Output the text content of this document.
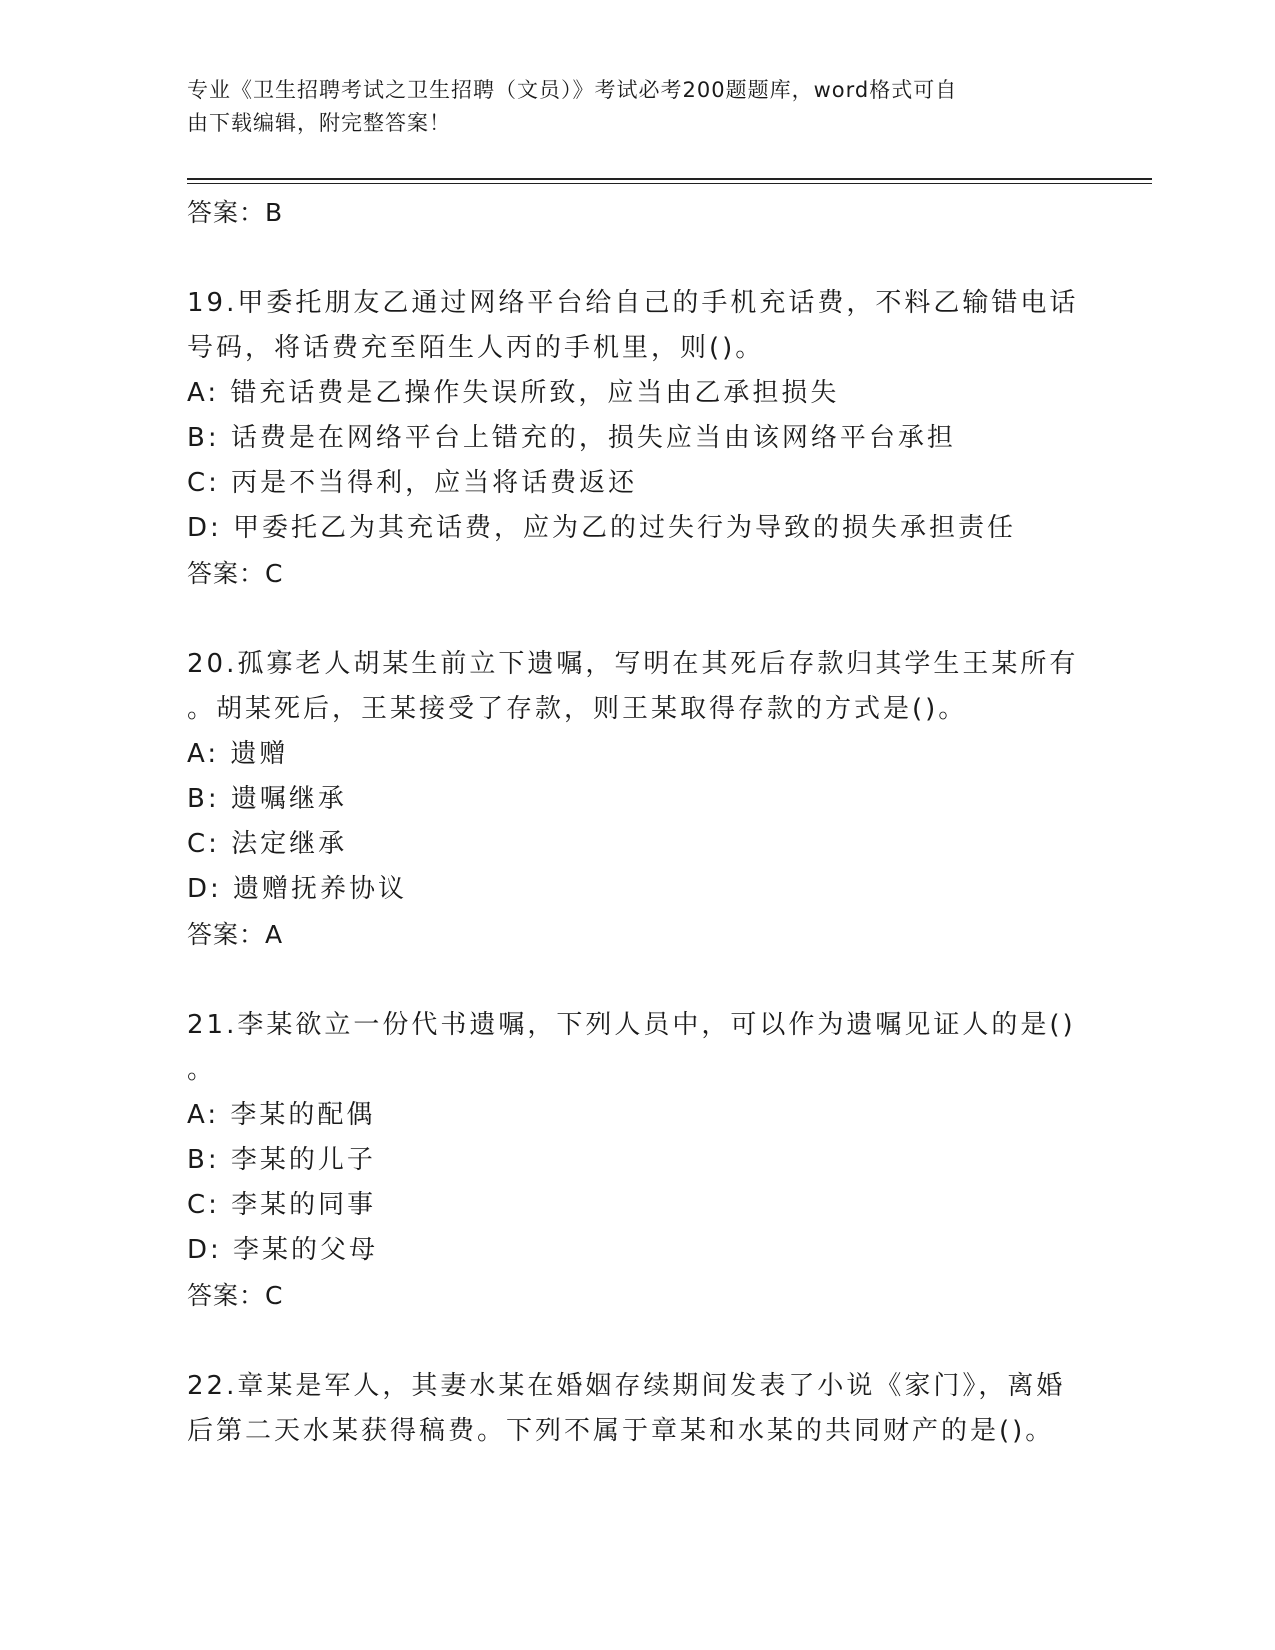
专业《卫生招聘考试之卫生招聘（文员）》考试必考200题题库，word格式可自
由下载编辑，附完整答案！
答案：B
19.甲委托朋友乙通过网络平台给自己的手机充话费，不料乙输错电话
号码，将话费充至陌生人丙的手机里，则()。
A: 错充话费是乙操作失误所致，应当由乙承担损失
B: 话费是在网络平台上错充的，损失应当由该网络平台承担
C: 丙是不当得利，应当将话费返还
D: 甲委托乙为其充话费，应为乙的过失行为导致的损失承担责任
答案：C
20.孤寡老人胡某生前立下遗嘱，写明在其死后存款归其学生王某所有
。胡某死后，王某接受了存款，则王某取得存款的方式是()。
A: 遗赠
B: 遗嘱继承
C: 法定继承
D: 遗赠抚养协议
答案：A
21.李某欲立一份代书遗嘱，下列人员中，可以作为遗嘱见证人的是()
。
A: 李某的配偶
B: 李某的儿子
C: 李某的同事
D: 李某的父母
答案：C
22.章某是军人，其妻水某在婚姻存续期间发表了小说《家门》，离婚
后第二天水某获得稿费。下列不属于章某和水某的共同财产的是()。
